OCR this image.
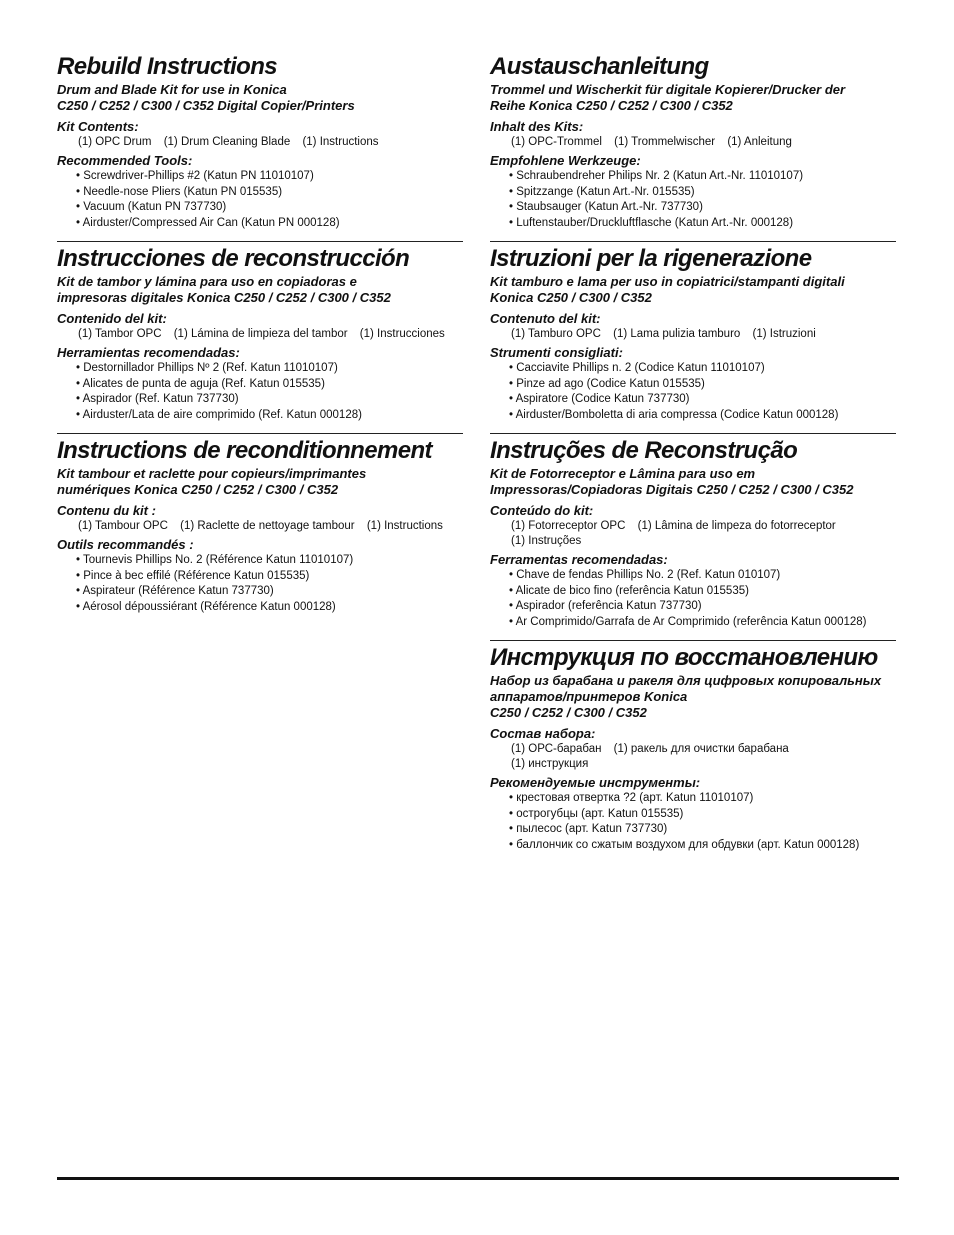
Rebuild Instructions
Drum and Blade Kit for use in Konica
C250 / C252 / C300 / C352 Digital Copier/Printers
Kit Contents:
(1) OPC Drum (1) Drum Cleaning Blade (1) Instructions
Recommended Tools:
• Screwdriver-Phillips #2 (Katun PN 11010107)
• Needle-nose Pliers (Katun PN 015535)
• Vacuum (Katun PN 737730)
• Airduster/Compressed Air Can (Katun PN 000128)
Instrucciones de reconstrucción
Kit de tambor y lámina para uso en copiadoras e
impresoras digitales Konica C250 / C252 / C300 / C352
Contenido del kit:
(1) Tambor OPC (1) Lámina de limpieza del tambor (1) Instrucciones
Herramientas recomendadas:
• Destornillador Phillips Nº 2 (Ref. Katun 11010107)
• Alicates de punta de aguja (Ref. Katun 015535)
• Aspirador (Ref. Katun 737730)
• Airduster/Lata de aire comprimido (Ref. Katun 000128)
Instructions de reconditionnement
Kit tambour et raclette pour copieurs/imprimantes
numériques Konica C250 / C252 / C300 / C352
Contenu du kit :
(1) Tambour OPC (1) Raclette de nettoyage tambour (1) Instructions
Outils recommandés :
• Tournevis Phillips No. 2 (Référence Katun 11010107)
• Pince à bec effilé (Référence Katun 015535)
• Aspirateur (Référence Katun 737730)
• Aérosol dépoussiérant (Référence Katun 000128)
Austauschanleitung
Trommel und Wischerkit für digitale Kopierer/Drucker der
Reihe Konica C250 / C252 / C300 / C352
Inhalt des Kits:
(1) OPC-Trommel (1) Trommelwischer (1) Anleitung
Empfohlene Werkzeuge:
• Schraubendreher Philips Nr. 2 (Katun Art.-Nr. 11010107)
• Spitzzange (Katun Art.-Nr. 015535)
• Staubsauger (Katun Art.-Nr. 737730)
• Luftenstauber/Druckluftflasche (Katun Art.-Nr. 000128)
Istruzioni per la rigenerazione
Kit tamburo e lama per uso in copiatrici/stampanti digitali
Konica C250 / C300 / C352
Contenuto del kit:
(1) Tamburo OPC (1) Lama pulizia tamburo (1) Istruzioni
Strumenti consigliati:
• Cacciavite Phillips n. 2 (Codice Katun 11010107)
• Pinze ad ago (Codice Katun 015535)
• Aspiratore (Codice Katun 737730)
• Airduster/Bomboletta di aria compressa (Codice Katun 000128)
Instruções de Reconstrução
Kit de Fotorreceptor e Lâmina para uso em
Impressoras/Copiadoras Digitais C250 / C252 / C300 / C352
Conteúdo do kit:
(1) Fotorreceptor OPC (1) Lâmina de limpeza do fotorreceptor
(1) Instruções
Ferramentas recomendadas:
• Chave de fendas Phillips No. 2 (Ref. Katun 010107)
• Alicate de bico fino (referência Katun 015535)
• Aspirador (referência Katun 737730)
• Ar Comprimido/Garrafa de Ar Comprimido (referência Katun 000128)
Инструкция по восстановлению
Набор из барабана и ракеля для цифровых копировальных
аппаратов/принтеров Konica
C250 / C252 / C300 / C352
Состав набора:
(1) ОРС-барабан (1) ракель для очистки барабана
(1) инструкция
Рекомендуемые инструменты:
• крестовая отвертка ?2 (арт. Katun 11010107)
• острогубцы (арт. Katun 015535)
• пылесос (арт. Katun 737730)
• баллончик со сжатым воздухом для обдувки (арт. Katun 000128)
